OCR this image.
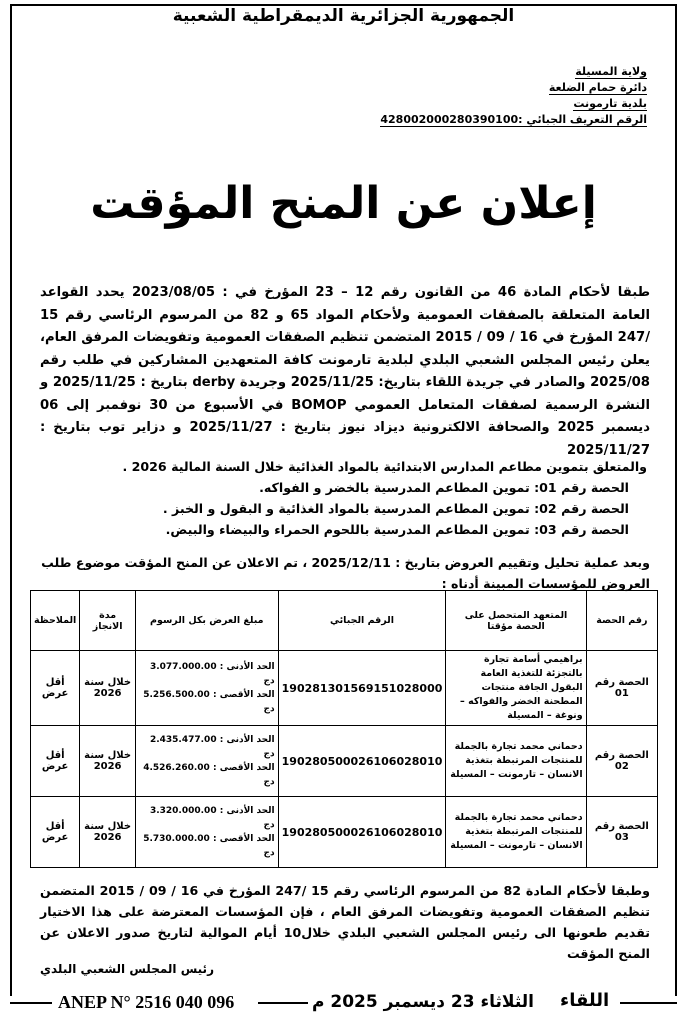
الجمهورية الجزائرية الديمقراطية الشعبية
ولاية المسيلة
دائرة حمام الضلعة
بلدية تارمونت
الرقم التعريف الجبائي :428002000280390100
إعلان عن المنح المؤقت
طبقا لأحكام المادة 46 من القانون رقم 12 – 23 المؤرخ في : 2023/08/05 يحدد القواعد العامة المتعلقة بالصفقات العمومية ولأحكام المواد 65 و 82 من المرسوم الرئاسي رقم 15 /247 المؤرخ في 16 / 09 / 2015 المتضمن تنظيم الصفقات العمومية وتفويضات المرفق العام، يعلن رئيس المجلس الشعبي البلدي لبلدية تارمونت كافة المتعهدين المشاركين في طلب رقم 2025/08 والصادر في جريدة اللقاء بتاريخ: 2025/11/25 وجريدة derby بتاريخ : 2025/11/25 و النشرة الرسمية لصفقات المتعامل العمومي BOMOP في الأسبوع من 30 نوفمبر إلى 06 ديسمبر 2025 والصحافة الالكترونية ديزاد نيوز بتاريخ : 2025/11/27 و دزاير توب بتاريخ : 2025/11/27
والمتعلق بتموين مطاعم المدارس الابتدائية بالمواد الغذائية خلال السنة المالية 2026 .
الحصة رقم 01: تموين المطاعم المدرسية بالخضر و الفواكه.
الحصة رقم 02: تموين المطاعم المدرسية بالمواد الغذائية و البقول و الخبز .
الحصة رقم 03: تموين المطاعم المدرسية باللحوم الحمراء والبيضاء والبيض.
وبعد عملية تحليل وتقييم العروض بتاريخ : 2025/12/11 ، تم الاعلان عن المنح المؤقت موضوع طلب العروض للمؤسسات المبينة أدناه :
رقم الحصة	المتعهد المتحصل على الحصة مؤقتا	الرقم الجبائي	مبلغ العرض بكل الرسوم	مدة الانجاز	الملاحظة
الحصة رقم 01	براهيمي أسامة تجارة بالتجزئة للتغذية العامة البقول الجافة منتجات المطحنة الخضر والفواكه – ونوغة – المسيلة	190281301569151028000	الحد الأدنى : 3.077.000.00 دج
الحد الأقصى : 5.256.500.00 دج	خلال سنة 2026	أقل عرض
الحصة رقم 02	دحماني محمد تجارة بالجملة للمنتجات المرتبطة بتغذية الانسان – تارمونت – المسيلة	190280500026106028010	الحد الأدنى : 2.435.477.00 دج
الحد الأقصى : 4.526.260.00 دج	خلال سنة 2026	أقل عرض
الحصة رقم 03	دحماني محمد تجارة بالجملة للمنتجات المرتبطة بتغذية الانسان – تارمونت – المسيلة	190280500026106028010	الحد الأدنى : 3.320.000.00 دج
الحد الأقصى : 5.730.000.00 دج	خلال سنة 2026	أقل عرض
وطبقا لأحكام المادة 82 من المرسوم الرئاسي رقم 15 /247 المؤرخ في 16 / 09 / 2015 المتضمن تنظيم الصفقات العمومية وتفويضات المرفق العام ، فإن المؤسسات المعترضة على هذا الاختيار تقديم طعونها الى رئيس المجلس الشعبي البلدي خلال10 أيام الموالية لتاريخ صدور الاعلان عن المنح المؤقت
رئيس المجلس الشعبي البلدي
ANEP N° 2516 040 096	الثلاثاء 23 ديسمبر 2025 م اللقاء
